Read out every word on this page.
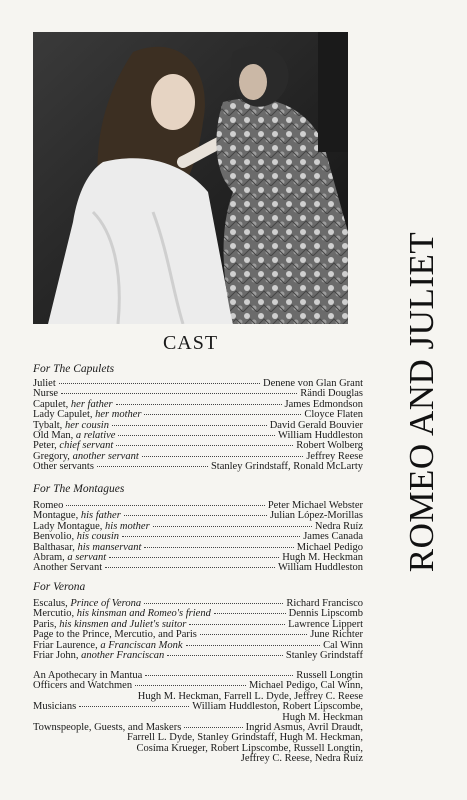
ROMEO AND JULIET
CAST
For The Capulets
Juliet	Denene von Glan Grant
Nurse	Rändi Douglas
Capulet, her father	James Edmondson
Lady Capulet, her mother	Cloyce Flaten
Tybalt, her cousin	David Gerald Bouvier
Old Man, a relative	William Huddleston
Peter, chief servant	Robert Wolberg
Gregory, another servant	Jeffrey Reese
Other servants	Stanley Grindstaff, Ronald McLarty
For The Montagues
Romeo	Peter Michael Webster
Montague, his father	Julian López-Morillas
Lady Montague, his mother	Nedra Ruíz
Benvolio, his cousin	James Canada
Balthasar, his manservant	Michael Pedigo
Abram, a servant	Hugh M. Heckman
Another Servant	William Huddleston
For Verona
Escalus, Prince of Verona	Richard Francisco
Mercutio, his kinsman and Romeo's friend	Dennis Lipscomb
Paris, his kinsmen and Juliet's suitor	Lawrence Lippert
Page to the Prince, Mercutio, and Paris	June Richter
Friar Laurence, a Franciscan Monk	Cal Winn
Friar John, another Franciscan	Stanley Grindstaff
An Apothecary in Mantua	Russell Longtin
Officers and Watchmen	Michael Pedigo, Cal Winn,
Hugh M. Heckman, Farrell L. Dyde, Jeffrey C. Reese
Musicians	William Huddleston, Robert Lipscombe,
Hugh M. Heckman
Townspeople, Guests, and Maskers	Ingrid Asmus, Avril Draudt,
Farrell L. Dyde, Stanley Grindstaff, Hugh M. Heckman,
Cosíma Krueger, Robert Lipscombe, Russell Longtin,
Jeffrey C. Reese, Nedra Ruíz
